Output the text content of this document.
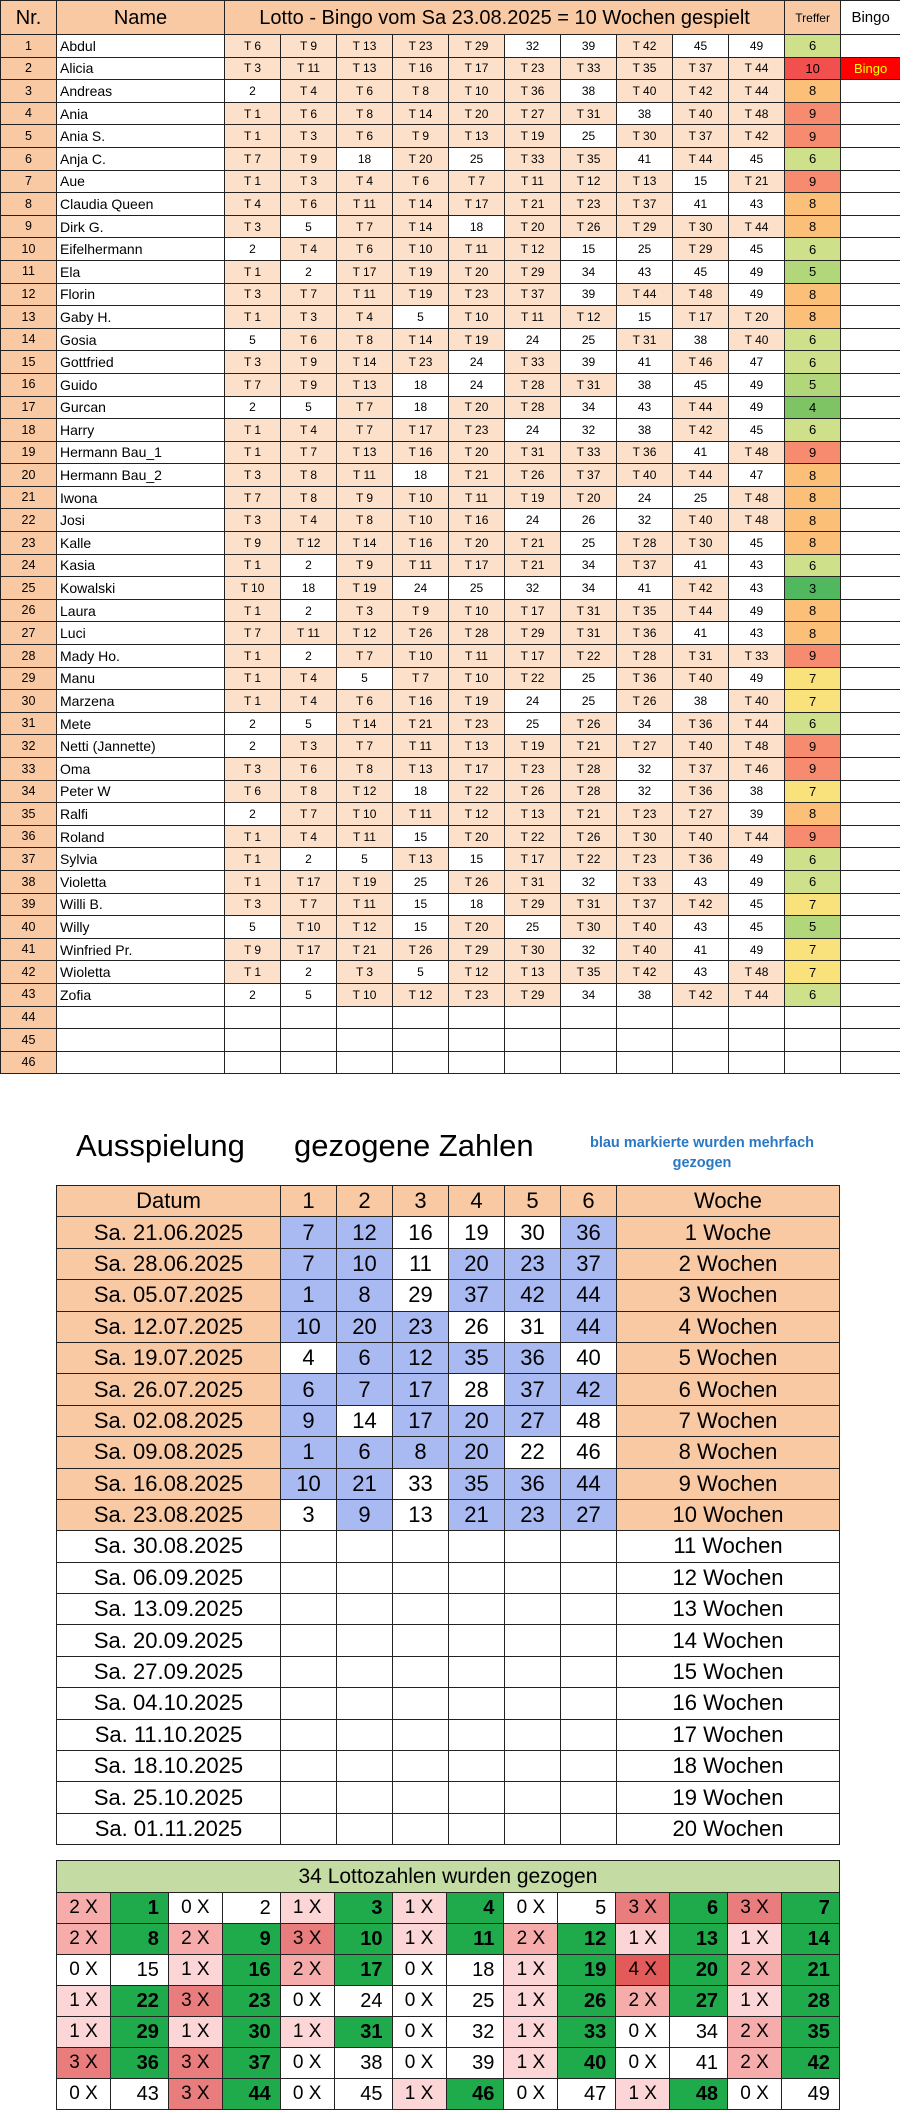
Nr.	Name	Lotto - Bingo vom Sa 23.08.2025 = 10 Wochen gespielt										Treffer	Bingo
1	Abdul	T 6	T 9	T 13	T 23	T 29	32	39	T 42	45	49	6	
2	Alicia	T 3	T 11	T 13	T 16	T 17	T 23	T 33	T 35	T 37	T 44	10	Bingo
3	Andreas	2	T 4	T 6	T 8	T 10	T 36	38	T 40	T 42	T 44	8	
4	Ania	T 1	T 6	T 8	T 14	T 20	T 27	T 31	38	T 40	T 48	9	
5	Ania S.	T 1	T 3	T 6	T 9	T 13	T 19	25	T 30	T 37	T 42	9	
6	Anja C.	T 7	T 9	18	T 20	25	T 33	T 35	41	T 44	45	6	
7	Aue	T 1	T 3	T 4	T 6	T 7	T 11	T 12	T 13	15	T 21	9	
8	Claudia Queen	T 4	T 6	T 11	T 14	T 17	T 21	T 23	T 37	41	43	8	
9	Dirk G.	T 3	5	T 7	T 14	18	T 20	T 26	T 29	T 30	T 44	8	
10	Eifelhermann	2	T 4	T 6	T 10	T 11	T 12	15	25	T 29	45	6	
11	Ela	T 1	2	T 17	T 19	T 20	T 29	34	43	45	49	5	
12	Florin	T 3	T 7	T 11	T 19	T 23	T 37	39	T 44	T 48	49	8	
13	Gaby H.	T 1	T 3	T 4	5	T 10	T 11	T 12	15	T 17	T 20	8	
14	Gosia	5	T 6	T 8	T 14	T 19	24	25	T 31	38	T 40	6	
15	Gottfried	T 3	T 9	T 14	T 23	24	T 33	39	41	T 46	47	6	
16	Guido	T 7	T 9	T 13	18	24	T 28	T 31	38	45	49	5	
17	Gurcan	2	5	T 7	18	T 20	T 28	34	43	T 44	49	4	
18	Harry	T 1	T 4	T 7	T 17	T 23	24	32	38	T 42	45	6	
19	Hermann Bau_1	T 1	T 7	T 13	T 16	T 20	T 31	T 33	T 36	41	T 48	9	
20	Hermann Bau_2	T 3	T 8	T 11	18	T 21	T 26	T 37	T 40	T 44	47	8	
21	Iwona	T 7	T 8	T 9	T 10	T 11	T 19	T 20	24	25	T 48	8	
22	Josi	T 3	T 4	T 8	T 10	T 16	24	26	32	T 40	T 48	8	
23	Kalle	T 9	T 12	T 14	T 16	T 20	T 21	25	T 28	T 30	45	8	
24	Kasia	T 1	2	T 9	T 11	T 17	T 21	34	T 37	41	43	6	
25	Kowalski	T 10	18	T 19	24	25	32	34	41	T 42	43	3	
26	Laura	T 1	2	T 3	T 9	T 10	T 17	T 31	T 35	T 44	49	8	
27	Luci	T 7	T 11	T 12	T 26	T 28	T 29	T 31	T 36	41	43	8	
28	Mady Ho.	T 1	2	T 7	T 10	T 11	T 17	T 22	T 28	T 31	T 33	9	
29	Manu	T 1	T 4	5	T 7	T 10	T 22	25	T 36	T 40	49	7	
30	Marzena	T 1	T 4	T 6	T 16	T 19	24	25	T 26	38	T 40	7	
31	Mete	2	5	T 14	T 21	T 23	25	T 26	34	T 36	T 44	6	
32	Netti (Jannette)	2	T 3	T 7	T 11	T 13	T 19	T 21	T 27	T 40	T 48	9	
33	Oma	T 3	T 6	T 8	T 13	T 17	T 23	T 28	32	T 37	T 46	9	
34	Peter W	T 6	T 8	T 12	18	T 22	T 26	T 28	32	T 36	38	7	
35	Ralfi	2	T 7	T 10	T 11	T 12	T 13	T 21	T 23	T 27	39	8	
36	Roland	T 1	T 4	T 11	15	T 20	T 22	T 26	T 30	T 40	T 44	9	
37	Sylvia	T 1	2	5	T 13	15	T 17	T 22	T 23	T 36	49	6	
38	Violetta	T 1	T 17	T 19	25	T 26	T 31	32	T 33	43	49	6	
39	Willi B.	T 3	T 7	T 11	15	18	T 29	T 31	T 37	T 42	45	7	
40	Willy	5	T 10	T 12	15	T 20	25	T 30	T 40	43	45	5	
41	Winfried Pr.	T 9	T 17	T 21	T 26	T 29	T 30	32	T 40	41	49	7	
42	Wioletta	T 1	2	T 3	5	T 12	T 13	T 35	T 42	43	T 48	7	
43	Zofia	2	5	T 10	T 12	T 23	T 29	34	38	T 42	T 44	6	
44													
45													
46													
Ausspielung gezogene Zahlen	blau markierte wurden mehrfach gezogen
Datum	1	2	3	4	5	6	Woche
Sa. 21.06.2025	7	12	16	19	30	36	1 Woche
Sa. 28.06.2025	7	10	11	20	23	37	2 Wochen
Sa. 05.07.2025	1	8	29	37	42	44	3 Wochen
Sa. 12.07.2025	10	20	23	26	31	44	4 Wochen
Sa. 19.07.2025	4	6	12	35	36	40	5 Wochen
Sa. 26.07.2025	6	7	17	28	37	42	6 Wochen
Sa. 02.08.2025	9	14	17	20	27	48	7 Wochen
Sa. 09.08.2025	1	6	8	20	22	46	8 Wochen
Sa. 16.08.2025	10	21	33	35	36	44	9 Wochen
Sa. 23.08.2025	3	9	13	21	23	27	10 Wochen
Sa. 30.08.2025							11 Wochen
Sa. 06.09.2025							12 Wochen
Sa. 13.09.2025							13 Wochen
Sa. 20.09.2025							14 Wochen
Sa. 27.09.2025							15 Wochen
Sa. 04.10.2025							16 Wochen
Sa. 11.10.2025							17 Wochen
Sa. 18.10.2025							18 Wochen
Sa. 25.10.2025							19 Wochen
Sa. 01.11.2025							20 Wochen
34 Lottozahlen wurden gezogen													
2 X	1	0 X	2	1 X	3	1 X	4	0 X	5	3 X	6	3 X	7
2 X	8	2 X	9	3 X	10	1 X	11	2 X	12	1 X	13	1 X	14
0 X	15	1 X	16	2 X	17	0 X	18	1 X	19	4 X	20	2 X	21
1 X	22	3 X	23	0 X	24	0 X	25	1 X	26	2 X	27	1 X	28
1 X	29	1 X	30	1 X	31	0 X	32	1 X	33	0 X	34	2 X	35
3 X	36	3 X	37	0 X	38	0 X	39	1 X	40	0 X	41	2 X	42
0 X	43	3 X	44	0 X	45	1 X	46	0 X	47	1 X	48	0 X	49
